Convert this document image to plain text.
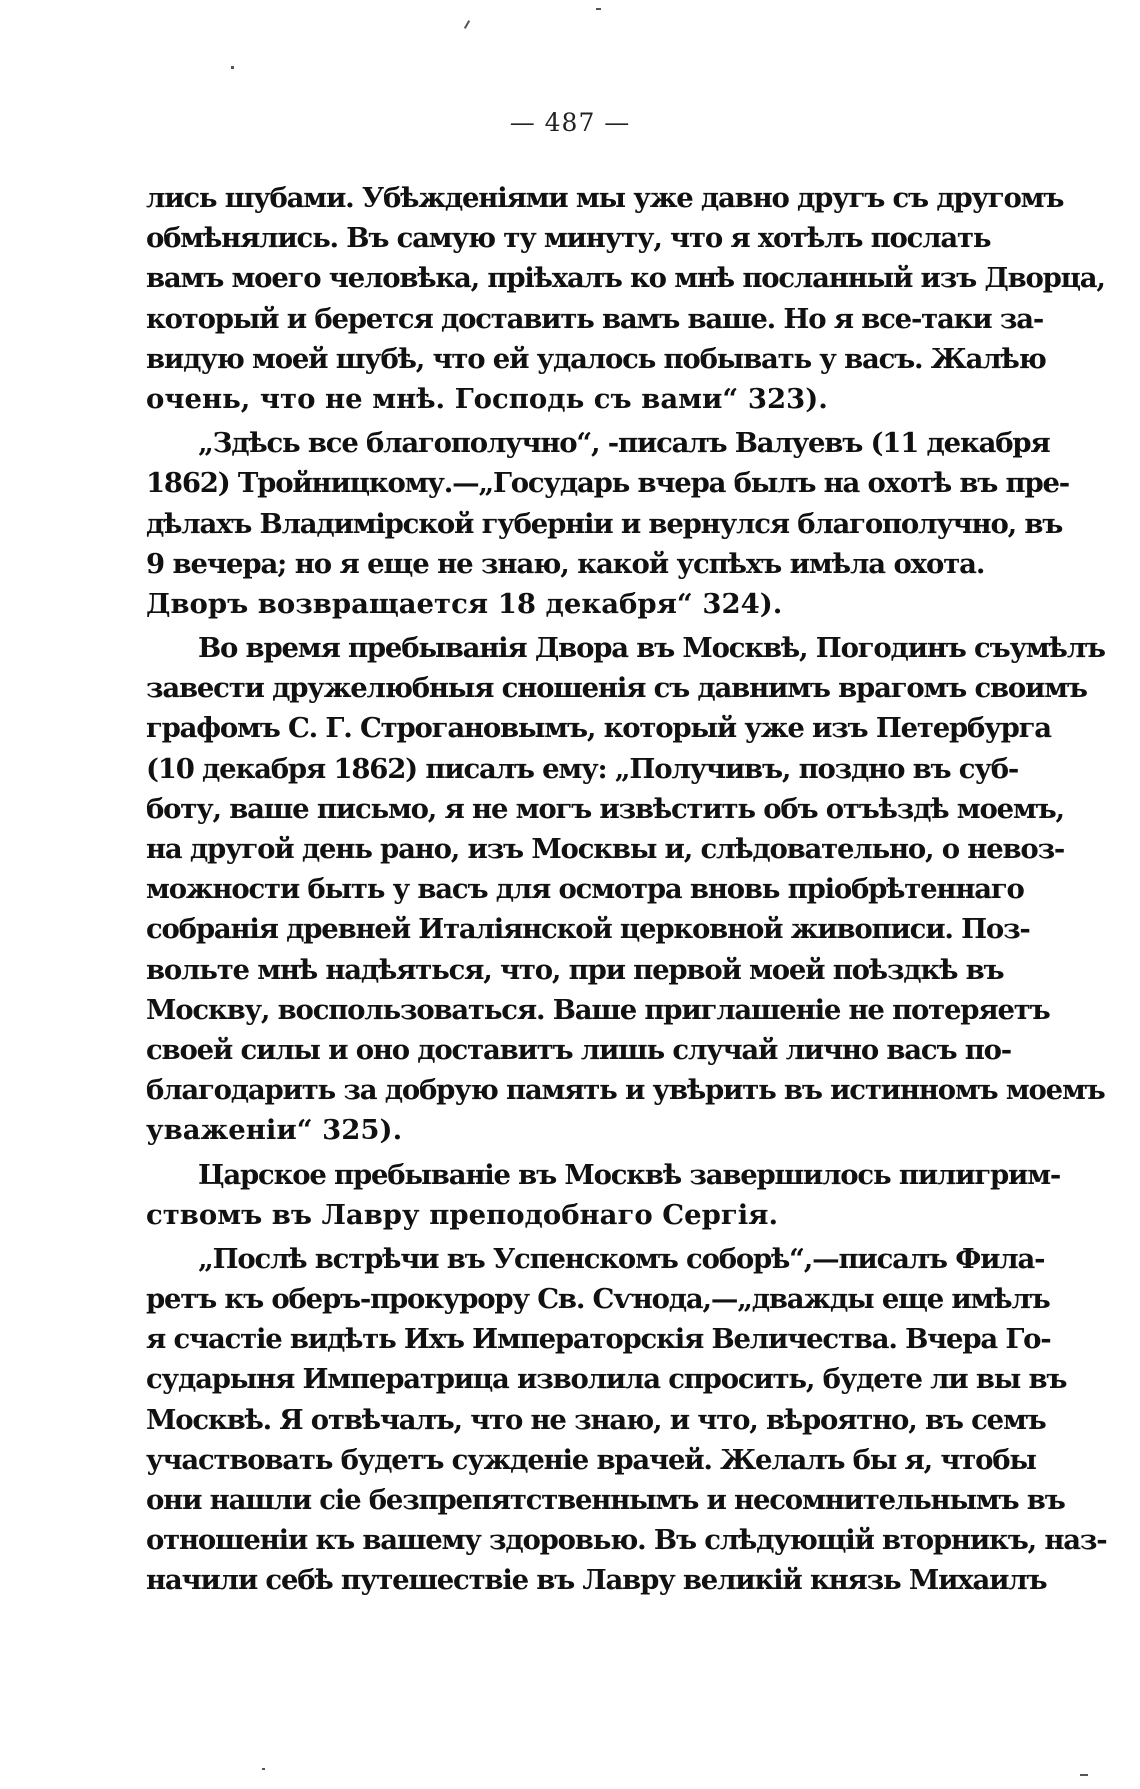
— 487 —

лись шубами. Убѣжденіями мы уже давно другъ съ другомъ
обмѣнялись. Въ самую ту минуту, что я хотѣлъ послать
вамъ моего человѣка, пріѣхалъ ко мнѣ посланный изъ Дворца,
который и берется доставить вамъ ваше. Но я все-таки за-
видую моей шубѣ, что ей удалось побывать у васъ. Жалѣю
очень, что не мнѣ. Господь съ вами“ 323).

„Здѣсь все благополучно“, -писалъ Валуевъ (11 декабря
1862) Тройницкому.—„Государь вчера былъ на охотѣ въ пре-
дѣлахъ Владимірской губерніи и вернулся благополучно, въ
9 вечера; но я еще не знаю, какой успѣхъ имѣла охота.
Дворъ возвращается 18 декабря“ 324).

Во время пребыванія Двора въ Москвѣ, Погодинъ съумѣлъ
завести дружелюбныя сношенія съ давнимъ врагомъ своимъ
графомъ С. Г. Строгановымъ, который уже изъ Петербурга
(10 декабря 1862) писалъ ему: „Получивъ, поздно въ суб-
боту, ваше письмо, я не могъ извѣстить объ отъѣздѣ моемъ,
на другой день рано, изъ Москвы и, слѣдовательно, о невоз-
можности быть у васъ для осмотра вновь пріобрѣтеннаго
собранія древней Италіянской церковной живописи. Поз-
вольте мнѣ надѣяться, что, при первой моей поѣздкѣ въ
Москву, воспользоваться. Ваше приглашеніе не потеряетъ
своей силы и оно доставитъ лишь случай лично васъ по-
благодарить за добрую память и увѣрить въ истинномъ моемъ
уваженіи“ 325).

Царское пребываніе въ Москвѣ завершилось пилигрим-
ствомъ въ Лавру преподобнаго Сергія.

„Послѣ встрѣчи въ Успенскомъ соборѣ“,—писалъ Фила-
ретъ къ оберъ-прокурору Св. Сѵнода,—„дважды еще имѣлъ
я счастіе видѣть Ихъ Императорскія Величества. Вчера Го-
сударыня Императрица изволила спросить, будете ли вы въ
Москвѣ. Я отвѣчалъ, что не знаю, и что, вѣроятно, въ семъ
участвовать будетъ сужденіе врачей. Желалъ бы я, чтобы
они нашли сіе безпрепятственнымъ и несомнительнымъ въ
отношеніи къ вашему здоровью. Въ слѣдующій вторникъ, наз-
начили себѣ путешествіе въ Лавру великій князь Михаилъ
